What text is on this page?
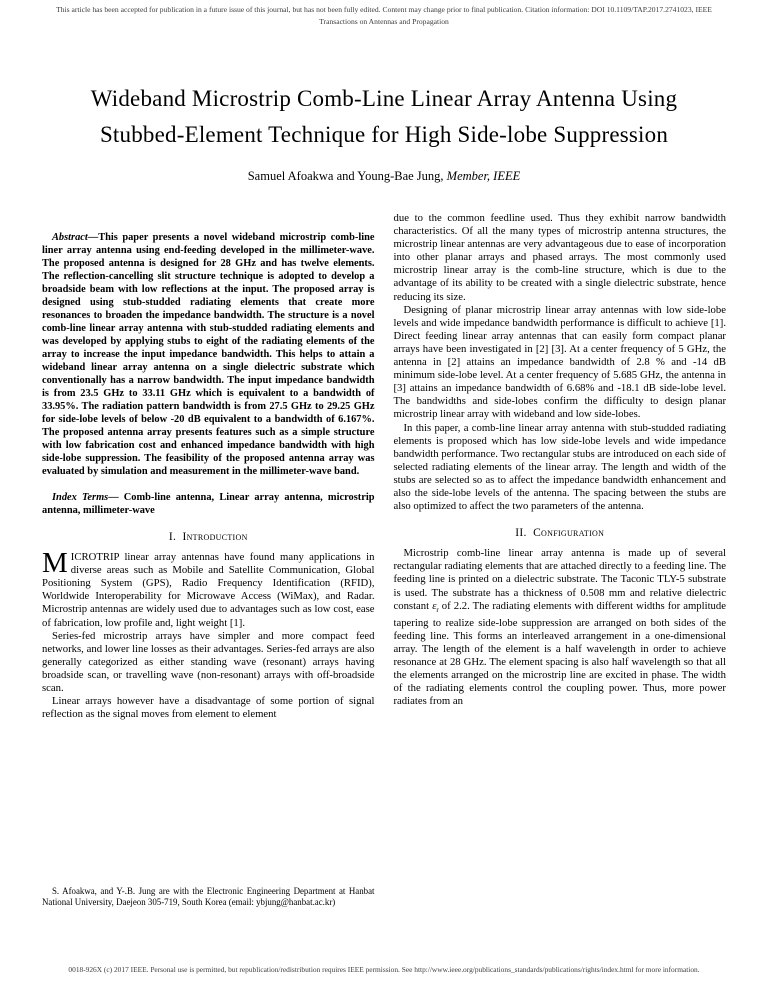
This article has been accepted for publication in a future issue of this journal, but has not been fully edited. Content may change prior to final publication. Citation information: DOI 10.1109/TAP.2017.2741023, IEEE
Transactions on Antennas and Propagation
Wideband Microstrip Comb-Line Linear Array Antenna Using Stubbed-Element Technique for High Side-lobe Suppression
Samuel Afoakwa and Young-Bae Jung, Member, IEEE

Abstract—This paper presents a novel wideband microstrip comb-line liner array antenna using end-feeding developed in the millimeter-wave. The proposed antenna is designed for 28 GHz and has twelve elements. The reflection-cancelling slit structure technique is adopted to develop a broadside beam with low reflections at the input. The proposed array is designed using stub-studded radiating elements that create more resonances to broaden the impedance bandwidth. The structure is a novel comb-line linear array antenna with stub-studded radiating elements and was developed by applying stubs to eight of the radiating elements of the array to increase the input impedance bandwidth. This helps to attain a wideband linear array antenna on a single dielectric substrate which conventionally has a narrow bandwidth. The input impedance bandwidth is from 23.5 GHz to 33.11 GHz which is equivalent to a bandwidth of 33.95%. The radiation pattern bandwidth is from 27.5 GHz to 29.25 GHz for side-lobe levels of below -20 dB equivalent to a bandwidth of 6.167%. The proposed antenna array presents features such as a simple structure with low fabrication cost and enhanced impedance bandwidth with high side-lobe suppression. The feasibility of the proposed antenna array was evaluated by simulation and measurement in the millimeter-wave band.

Index Terms— Comb-line antenna, Linear array antenna, microstrip antenna, millimeter-wave

I.  Introduction

MICROTRIP linear array antennas have found many applications in diverse areas such as Mobile and Satellite Communication, Global Positioning System (GPS), Radio Frequency Identification (RFID), Worldwide Interoperability for Microwave Access (WiMax), and Radar. Microstrip antennas are widely used due to advantages such as low cost, ease of fabrication, low profile and, light weight [1].

Series-fed microstrip arrays have simpler and more compact feed networks, and lower line losses as their advantages. Series-fed arrays are also generally categorized as either standing wave (resonant) arrays having broadside scan, or travelling wave (non-resonant) arrays with off-broadside scan.

Linear arrays however have a disadvantage of some portion of signal reflection as the signal moves from element to element

S. Afoakwa, and Y-.B. Jung are with the Electronic Engineering Department at Hanbat National University, Daejeon 305-719, South Korea (email: ybjung@hanbat.ac.kr)

due to the common feedline used. Thus they exhibit narrow bandwidth characteristics. Of all the many types of microstrip antenna structures, the microstrip linear antennas are very advantageous due to ease of incorporation into other planar arrays and phased arrays. The most commonly used microstrip linear array is the comb-line structure, which is due to the advantage of its ability to be created with a single dielectric substrate, hence reducing its size.

Designing of planar microstrip linear array antennas with low side-lobe levels and wide impedance bandwidth performance is difficult to achieve [1]. Direct feeding linear array antennas that can easily form compact planar arrays have been investigated in [2] [3]. At a center frequency of 5 GHz, the antenna in [2] attains an impedance bandwidth of 2.8 % and -14 dB minimum side-lobe level. At a center frequency of 5.685 GHz, the antenna in [3] attains an impedance bandwidth of 6.68% and -18.1 dB side-lobe level. The bandwidths and side-lobes confirm the difficulty to design planar microstrip linear array with wideband and low side-lobes.

In this paper, a comb-line linear array antenna with stub-studded radiating elements is proposed which has low side-lobe levels and wide impedance bandwidth performance. Two rectangular stubs are introduced on each side of selected radiating elements of the linear array. The length and width of the stubs are selected so as to affect the impedance bandwidth enhancement and also the side-lobe levels of the antenna. The spacing between the stubs are also optimized to affect the two parameters of the antenna.

II.  Configuration

Microstrip comb-line linear array antenna is made up of several rectangular radiating elements that are attached directly to a feeding line. The feeding line is printed on a dielectric substrate. The Taconic TLY-5 substrate is used. The substrate has a thickness of 0.508 mm and relative dielectric constant $\varepsilon_r$ of 2.2. The radiating elements with different widths for amplitude tapering to realize side-lobe suppression are arranged on both sides of the feeding line. This forms an interleaved arrangement in a one-dimensional array. The length of the element is a half wavelength in order to achieve resonance at 28 GHz. The element spacing is also half wavelength so that all the elements arranged on the microstrip line are excited in phase. The width of the radiating elements control the coupling power. Thus, more power radiates from an

0018-926X (c) 2017 IEEE. Personal use is permitted, but republication/redistribution requires IEEE permission. See http://www.ieee.org/publications_standards/publications/rights/index.html for more information.
